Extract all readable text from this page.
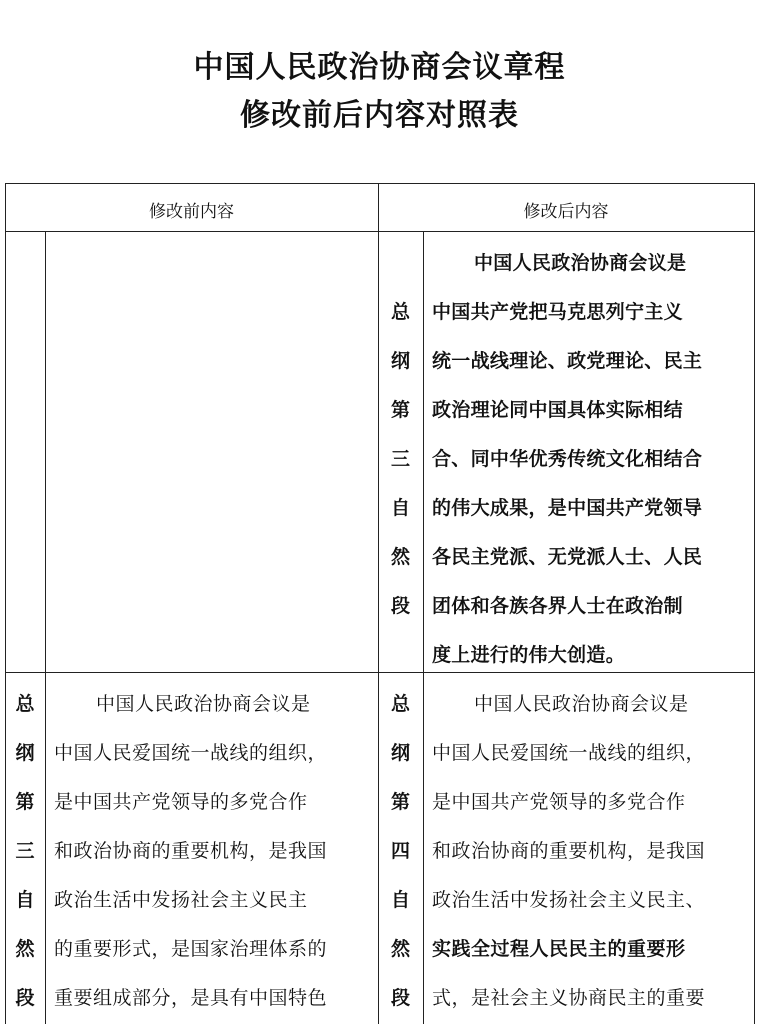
中国人民政治协商会议章程
修改前后内容对照表
修改前内容	修改后内容
总
纲
第
三
自
然
段
中国人民政治协商会议是
中国共产党把马克思列宁主义
统一战线理论、政党理论、民主
政治理论同中国具体实际相结
合、同中华优秀传统文化相结合
的伟大成果，是中国共产党领导
各民主党派、无党派人士、人民
团体和各族各界人士在政治制
度上进行的伟大创造。
总
纲
第
三
自
然
段
中国人民政治协商会议是
中国人民爱国统一战线的组织，
是中国共产党领导的多党合作
和政治协商的重要机构，是我国
政治生活中发扬社会主义民主
的重要形式，是国家治理体系的
重要组成部分，是具有中国特色
总
纲
第
四
自
然
段
中国人民政治协商会议是
中国人民爱国统一战线的组织，
是中国共产党领导的多党合作
和政治协商的重要机构，是我国
政治生活中发扬社会主义民主、
实践全过程人民民主的重要形
式，是社会主义协商民主的重要
